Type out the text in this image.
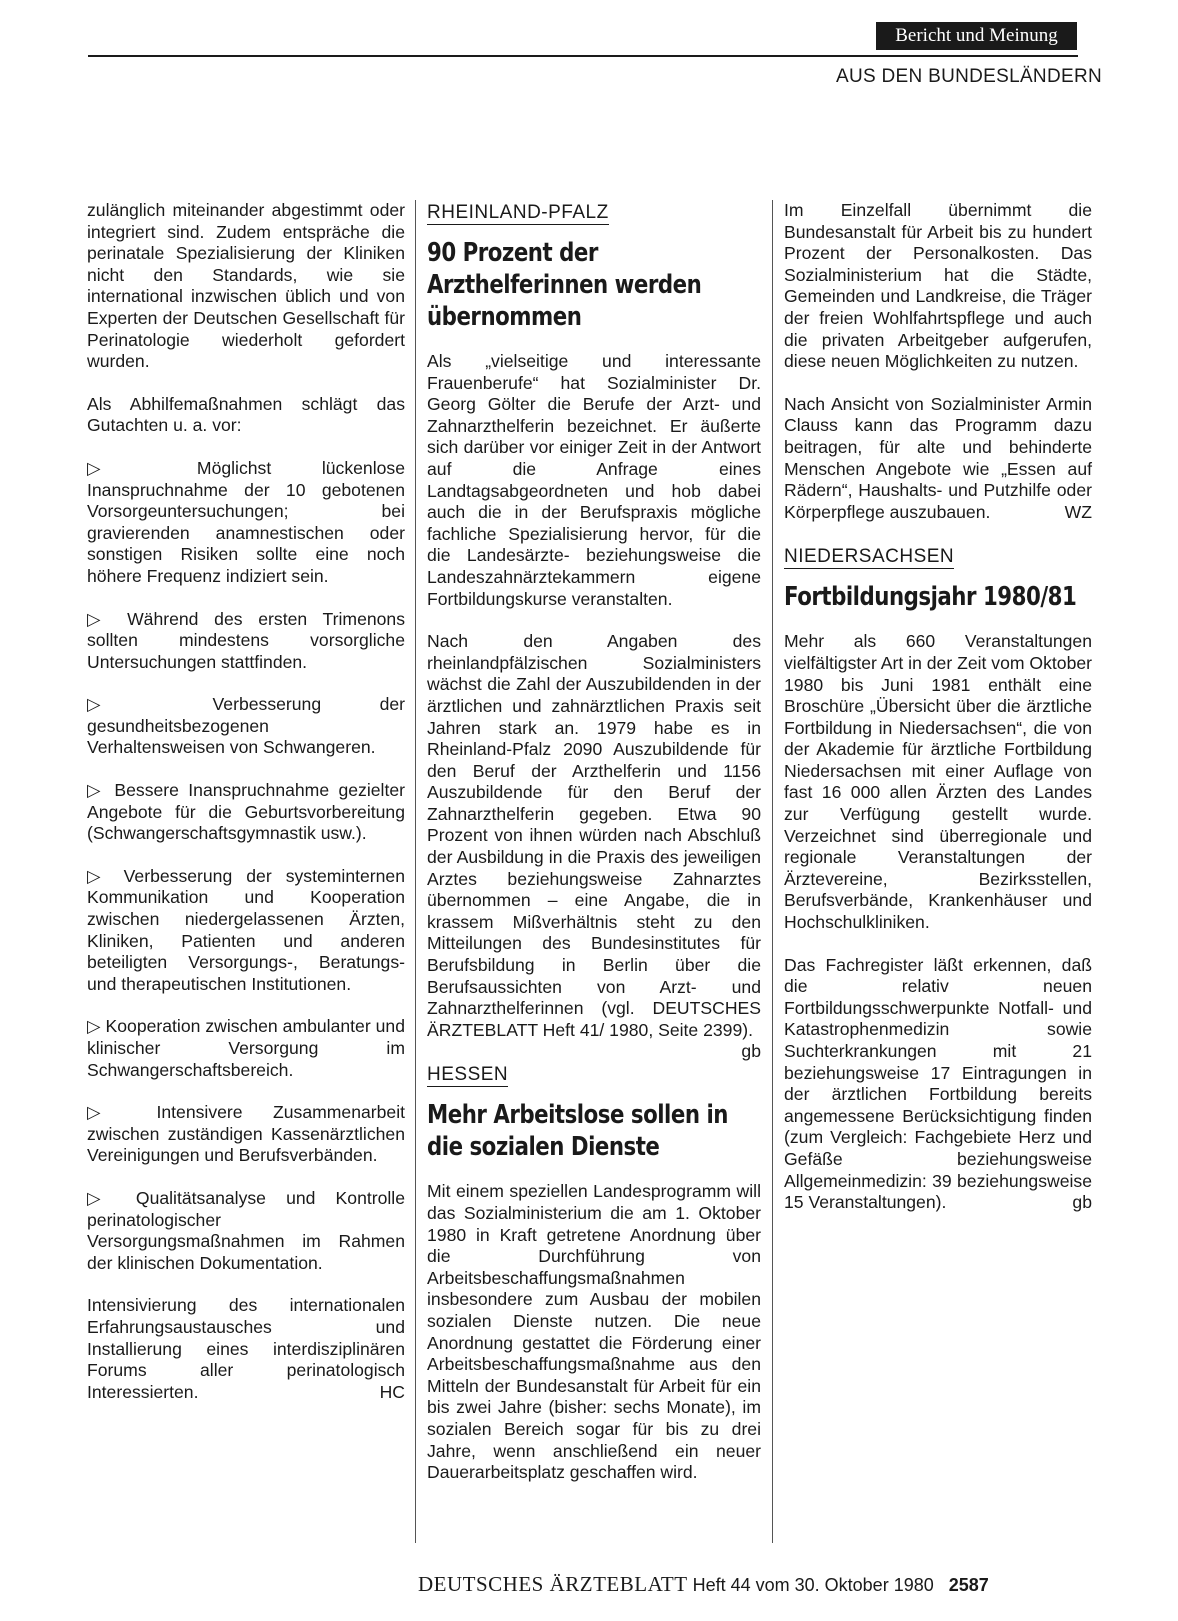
Bericht und Meinung
AUS DEN BUNDESLÄNDERN

zulänglich miteinander abgestimmt oder integriert sind. Zudem entspräche die perinatale Spezialisierung der Kliniken nicht den Standards, wie sie international inzwischen üblich und von Experten der Deutschen Gesellschaft für Perinatologie wiederholt gefordert wurden.

Als Abhilfemaßnahmen schlägt das Gutachten u. a. vor:

▷ Möglichst lückenlose Inanspruchnahme der 10 gebotenen Vorsorgeuntersuchungen; bei gravierenden anamnestischen oder sonstigen Risiken sollte eine noch höhere Frequenz indiziert sein.

▷ Während des ersten Trimenons sollten mindestens vorsorgliche Untersuchungen stattfinden.

▷ Verbesserung der gesundheitsbezogenen Verhaltensweisen von Schwangeren.

▷ Bessere Inanspruchnahme gezielter Angebote für die Geburtsvorbereitung (Schwangerschaftsgymnastik usw.).

▷ Verbesserung der systeminternen Kommunikation und Kooperation zwischen niedergelassenen Ärzten, Kliniken, Patienten und anderen beteiligten Versorgungs-, Beratungs- und therapeutischen Institutionen.

▷ Kooperation zwischen ambulanter und klinischer Versorgung im Schwangerschaftsbereich.

▷ Intensivere Zusammenarbeit zwischen zuständigen Kassenärztlichen Vereinigungen und Berufsverbänden.

▷ Qualitätsanalyse und Kontrolle perinatologischer Versorgungsmaßnahmen im Rahmen der klinischen Dokumentation.

Intensivierung des internationalen Erfahrungsaustausches und Installierung eines interdisziplinären Forums aller perinatologisch Interessierten.	HC

RHEINLAND-PFALZ
90 Prozent der Arzthelferinnen werden übernommen

Als „vielseitige und interessante Frauenberufe“ hat Sozialminister Dr. Georg Gölter die Berufe der Arzt- und Zahnarzthelferin bezeichnet. Er äußerte sich darüber vor einiger Zeit in der Antwort auf die Anfrage eines Landtagsabgeordneten und hob dabei auch die in der Berufspraxis mögliche fachliche Spezialisierung hervor, für die die Landesärzte- beziehungsweise die Landeszahnärztekammern eigene Fortbildungskurse veranstalten.

Nach den Angaben des rheinlandpfälzischen Sozialministers wächst die Zahl der Auszubildenden in der ärztlichen und zahnärztlichen Praxis seit Jahren stark an. 1979 habe es in Rheinland-Pfalz 2090 Auszubildende für den Beruf der Arzthelferin und 1156 Auszubildende für den Beruf der Zahnarzthelferin gegeben. Etwa 90 Prozent von ihnen würden nach Abschluß der Ausbildung in die Praxis des jeweiligen Arztes beziehungsweise Zahnarztes übernommen – eine Angabe, die in krassem Mißverhältnis steht zu den Mitteilungen des Bundesinstitutes für Berufsbildung in Berlin über die Berufsaussichten von Arzt- und Zahnarzthelferinnen (vgl. DEUTSCHES ÄRZTEBLATT Heft 41/ 1980, Seite 2399).
gb

HESSEN
Mehr Arbeitslose sollen in die sozialen Dienste

Mit einem speziellen Landesprogramm will das Sozialministerium die am 1. Oktober 1980 in Kraft getretene Anordnung über die Durchführung von Arbeitsbeschaffungsmaßnahmen insbesondere zum Ausbau der mobilen sozialen Dienste nutzen. Die neue Anordnung gestattet die Förderung einer Arbeitsbeschaffungsmaßnahme aus den Mitteln der Bundesanstalt für Arbeit für ein bis zwei Jahre (bisher: sechs Monate), im sozialen Bereich sogar für bis zu drei Jahre, wenn anschließend ein neuer Dauerarbeitsplatz geschaffen wird.

Im Einzelfall übernimmt die Bundesanstalt für Arbeit bis zu hundert Prozent der Personalkosten. Das Sozialministerium hat die Städte, Gemeinden und Landkreise, die Träger der freien Wohlfahrtspflege und auch die privaten Arbeitgeber aufgerufen, diese neuen Möglichkeiten zu nutzen.

Nach Ansicht von Sozialminister Armin Clauss kann das Programm dazu beitragen, für alte und behinderte Menschen Angebote wie „Essen auf Rädern“, Haushalts- und Putzhilfe oder Körperpflege auszubauen.	WZ

NIEDERSACHSEN
Fortbildungsjahr 1980/81

Mehr als 660 Veranstaltungen vielfältigster Art in der Zeit vom Oktober 1980 bis Juni 1981 enthält eine Broschüre „Übersicht über die ärztliche Fortbildung in Niedersachsen“, die von der Akademie für ärztliche Fortbildung Niedersachsen mit einer Auflage von fast 16 000 allen Ärzten des Landes zur Verfügung gestellt wurde. Verzeichnet sind überregionale und regionale Veranstaltungen der Ärztevereine, Bezirksstellen, Berufsverbände, Krankenhäuser und Hochschulkliniken.

Das Fachregister läßt erkennen, daß die relativ neuen Fortbildungsschwerpunkte Notfall- und Katastrophenmedizin sowie Suchterkrankungen mit 21 beziehungsweise 17 Eintragungen in der ärztlichen Fortbildung bereits angemessene Berücksichtigung finden (zum Vergleich: Fachgebiete Herz und Gefäße beziehungsweise Allgemeinmedizin: 39 beziehungsweise 15 Veranstaltungen).	gb

DEUTSCHES ÄRZTEBLATT Heft 44 vom 30. Oktober 1980 2587
